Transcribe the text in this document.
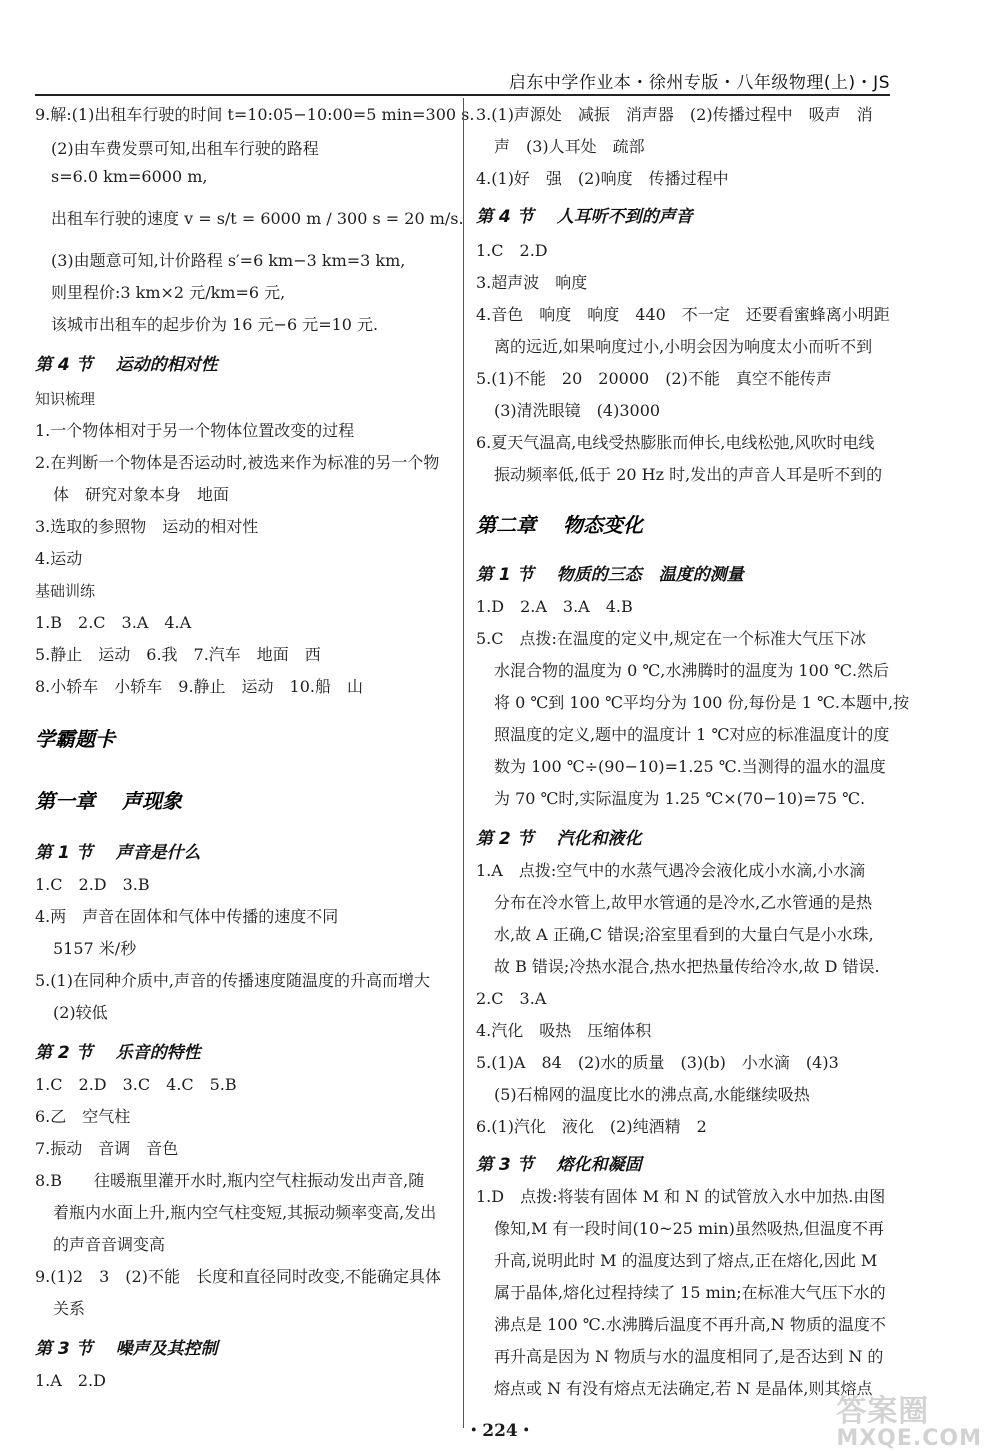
启东中学作业本・徐州专版・八年级物理(上)・JS
9.解:(1)出租车行驶的时间 t=10:05−10:00=5 min=300 s.
(2)由车费发票可知,出租车行驶的路程
s=6.0 km=6000 m,
出租车行驶的速度 v = s/t = 6000 m / 300 s = 20 m/s.
(3)由题意可知,计价路程 s′=6 km−3 km=3 km,
则里程价:3 km×2 元/km=6 元,
该城市出租车的起步价为 16 元−6 元=10 元.
第 4 节　 运动的相对性
知识梳理
1.一个物体相对于另一个物体位置改变的过程
2.在判断一个物体是否运动时,被选来作为标准的另一个物
体　研究对象本身　地面
3.选取的参照物　运动的相对性
4.运动
基础训练
1.B　2.C　3.A　4.A
5.静止　运动　6.我　7.汽车　地面　西
8.小轿车　小轿车　9.静止　运动　10.船　山
学霸题卡
第一章　 声现象
第 1 节　 声音是什么
1.C　2.D　3.B
4.两　声音在固体和气体中传播的速度不同
5157 米/秒
5.(1)在同种介质中,声音的传播速度随温度的升高而增大
(2)较低
第 2 节　 乐音的特性
1.C　2.D　3.C　4.C　5.B
6.乙　空气柱
7.振动　音调　音色
8.B　　往暖瓶里灌开水时,瓶内空气柱振动发出声音,随
着瓶内水面上升,瓶内空气柱变短,其振动频率变高,发出
的声音音调变高
9.(1)2　3　(2)不能　长度和直径同时改变,不能确定具体
关系
第 3 节　 噪声及其控制
1.A　2.D
3.(1)声源处　减振　消声器　(2)传播过程中　吸声　消
声　(3)人耳处　疏部
4.(1)好　强　(2)响度　传播过程中
第 4 节　 人耳听不到的声音
1.C　2.D
3.超声波　响度
4.音色　响度　响度　440　不一定　还要看蜜蜂离小明距
离的远近,如果响度过小,小明会因为响度太小而听不到
5.(1)不能　20　20000　(2)不能　真空不能传声
(3)清洗眼镜　(4)3000
6.夏天气温高,电线受热膨胀而伸长,电线松弛,风吹时电线
振动频率低,低于 20 Hz 时,发出的声音人耳是听不到的
第二章　 物态变化
第 1 节　 物质的三态　温度的测量
1.D　2.A　3.A　4.B
5.C　点拨:在温度的定义中,规定在一个标准大气压下冰
水混合物的温度为 0 ℃,水沸腾时的温度为 100 ℃.然后
将 0 ℃到 100 ℃平均分为 100 份,每份是 1 ℃.本题中,按
照温度的定义,题中的温度计 1 ℃对应的标准温度计的度
数为 100 ℃÷(90−10)=1.25 ℃.当测得的温水的温度
为 70 ℃时,实际温度为 1.25 ℃×(70−10)=75 ℃.
第 2 节　 汽化和液化
1.A　点拨:空气中的水蒸气遇冷会液化成小水滴,小水滴
分布在冷水管上,故甲水管通的是冷水,乙水管通的是热
水,故 A 正确,C 错误;浴室里看到的大量白气是小水珠,
故 B 错误;冷热水混合,热水把热量传给冷水,故 D 错误.
2.C　3.A
4.汽化　吸热　压缩体积
5.(1)A　84　(2)水的质量　(3)(b)　小水滴　(4)3
(5)石棉网的温度比水的沸点高,水能继续吸热
6.(1)汽化　液化　(2)纯酒精　2
第 3 节　 熔化和凝固
1.D　点拨:将装有固体 M 和 N 的试管放入水中加热.由图
像知,M 有一段时间(10~25 min)虽然吸热,但温度不再
升高,说明此时 M 的温度达到了熔点,正在熔化,因此 M
属于晶体,熔化过程持续了 15 min;在标准大气压下水的
沸点是 100 ℃.水沸腾后温度不再升高,N 物质的温度不
再升高是因为 N 物质与水的温度相同了,是否达到 N 的
熔点或 N 有没有熔点无法确定,若 N 是晶体,则其熔点
・224・
答案圈
MXQE.COM
